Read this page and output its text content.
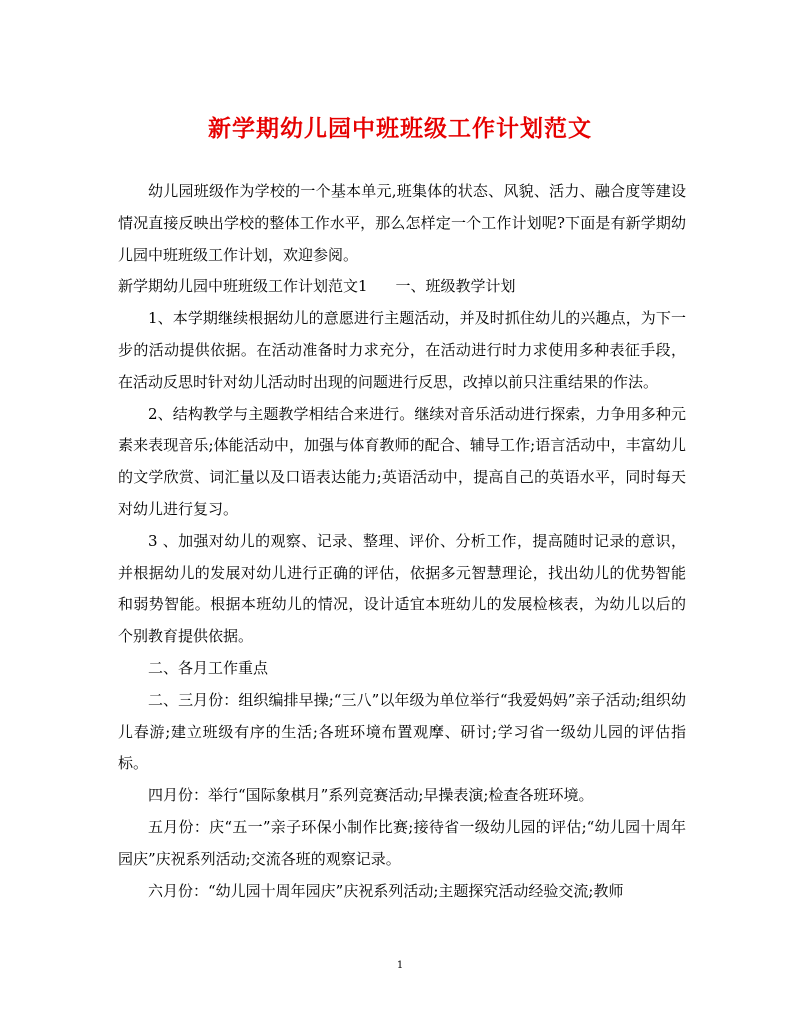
新学期幼儿园中班班级工作计划范文

幼儿园班级作为学校的一个基本单元,班集体的状态、风貌、活力、融合度等建设情况直接反映出学校的整体工作水平，那么怎样定一个工作计划呢?下面是有新学期幼儿园中班班级工作计划，欢迎参阅。

新学期幼儿园中班班级工作计划范文1 一、班级教学计划

1、本学期继续根据幼儿的意愿进行主题活动，并及时抓住幼儿的兴趣点，为下一步的活动提供依据。在活动准备时力求充分，在活动进行时力求使用多种表征手段，在活动反思时针对幼儿活动时出现的问题进行反思，改掉以前只注重结果的作法。

2、结构教学与主题教学相结合来进行。继续对音乐活动进行探索，力争用多种元素来表现音乐;体能活动中，加强与体育教师的配合、辅导工作;语言活动中，丰富幼儿的文学欣赏、词汇量以及口语表达能力;英语活动中，提高自己的英语水平，同时每天对幼儿进行复习。

3 、加强对幼儿的观察、记录、整理、评价、分析工作，提高随时记录的意识，并根据幼儿的发展对幼儿进行正确的评估，依据多元智慧理论，找出幼儿的优势智能和弱势智能。根据本班幼儿的情况，设计适宜本班幼儿的发展检核表，为幼儿以后的个别教育提供依据。

二、各月工作重点

二、三月份：组织编排早操;“三八”以年级为单位举行“我爱妈妈”亲子活动;组织幼儿春游;建立班级有序的生活;各班环境布置观摩、研讨;学习省一级幼儿园的评估指标。

四月份：举行“国际象棋月”系列竞赛活动;早操表演;检查各班环境。

五月份：庆“五一”亲子环保小制作比赛;接待省一级幼儿园的评估;“幼儿园十周年园庆”庆祝系列活动;交流各班的观察记录。

六月份：“幼儿园十周年园庆”庆祝系列活动;主题探究活动经验交流;教师

1
